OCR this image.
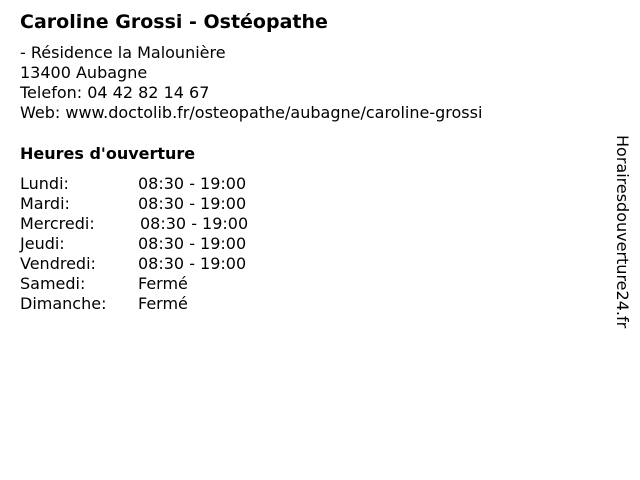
Caroline Grossi - Ostéopathe
- Résidence la Malounière
13400 Aubagne
Telefon: 04 42 82 14 67
Web: www.doctolib.fr/osteopathe/aubagne/caroline-grossi
Heures d'ouverture
Lundi:	08:30 - 19:00
Mardi:	08:30 - 19:00
Mercredi:	08:30 - 19:00
Jeudi:	08:30 - 19:00
Vendredi:	08:30 - 19:00
Samedi:	Fermé
Dimanche: Fermé	Horairesdouverture24.fr
